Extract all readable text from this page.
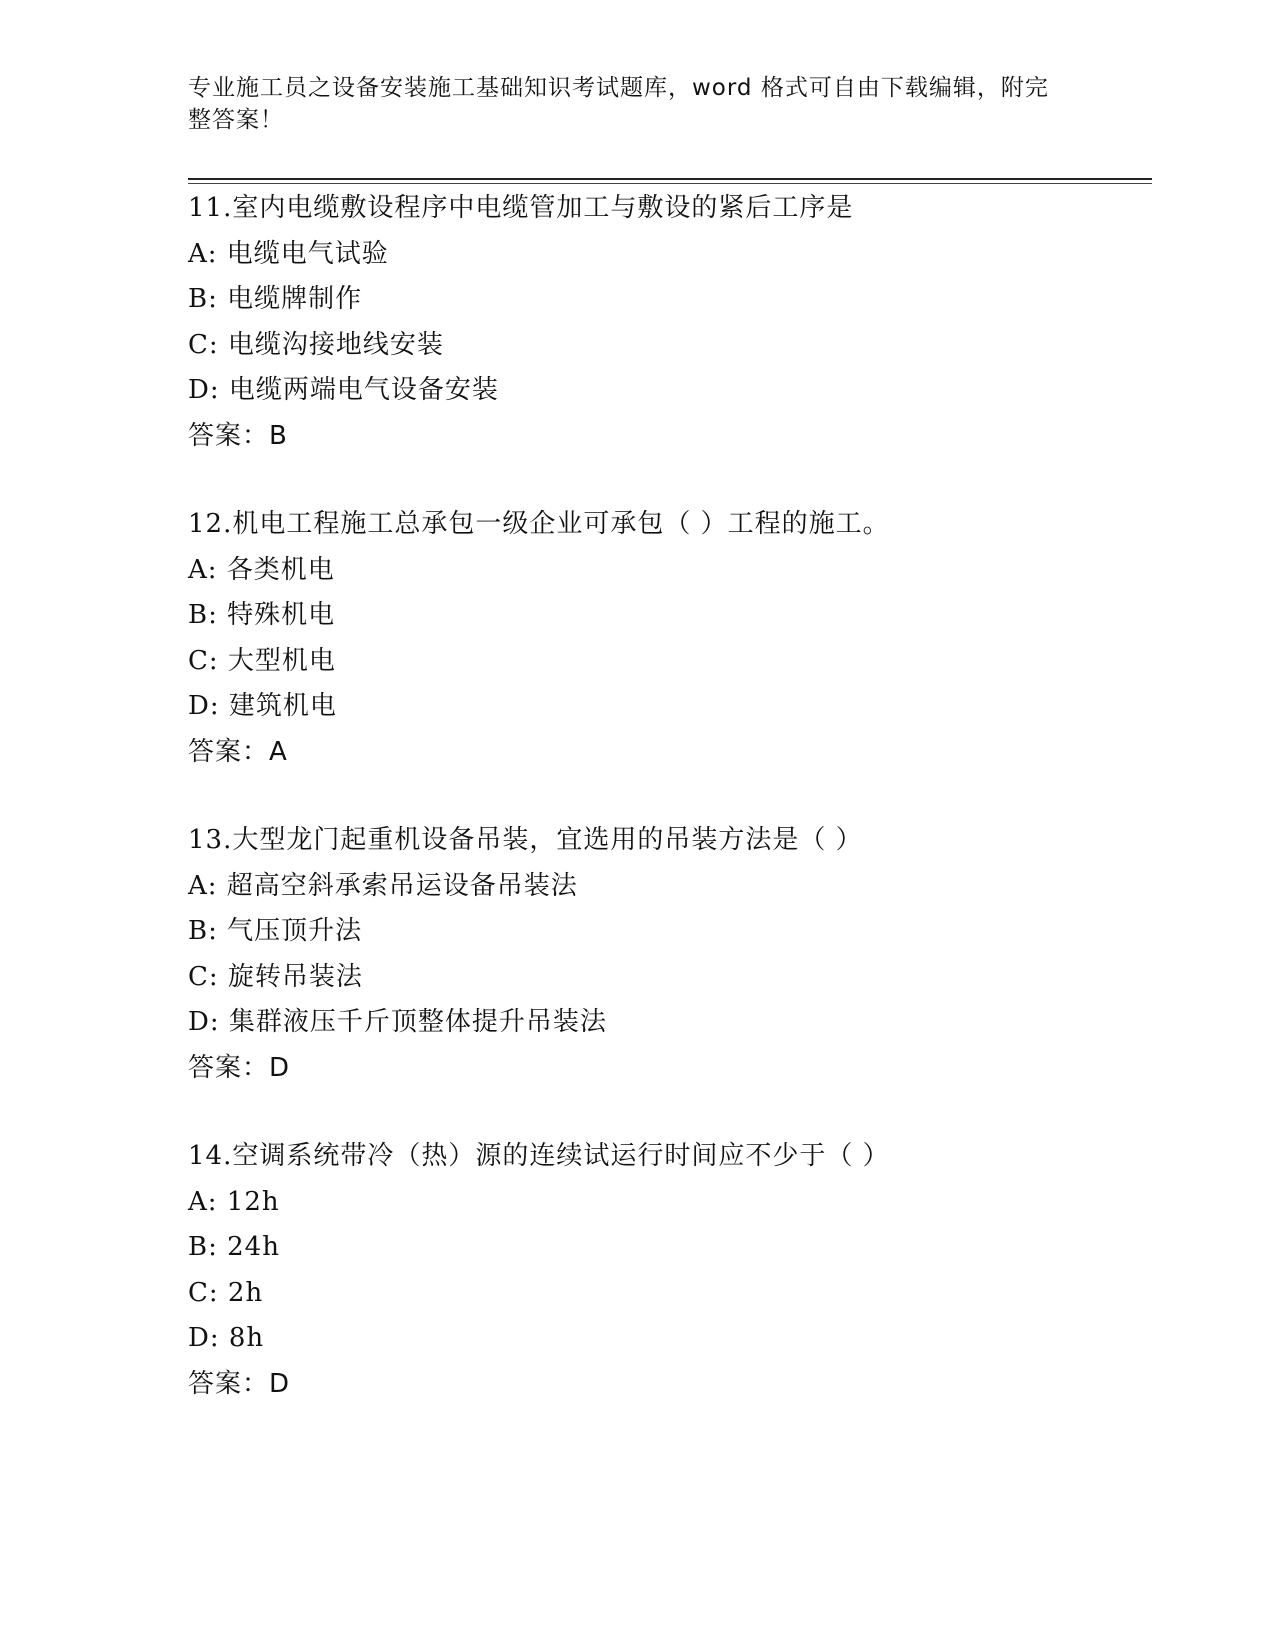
专业施工员之设备安装施工基础知识考试题库，word 格式可自由下载编辑，附完
整答案！
11.室内电缆敷设程序中电缆管加工与敷设的紧后工序是
A: 电缆电气试验
B: 电缆牌制作
C: 电缆沟接地线安装
D: 电缆两端电气设备安装
答案：B
12.机电工程施工总承包一级企业可承包（ ）工程的施工。
A: 各类机电
B: 特殊机电
C: 大型机电
D: 建筑机电
答案：A
13.大型龙门起重机设备吊装，宜选用的吊装方法是（ ）
A: 超高空斜承索吊运设备吊装法
B: 气压顶升法
C: 旋转吊装法
D: 集群液压千斤顶整体提升吊装法
答案：D
14.空调系统带冷（热）源的连续试运行时间应不少于（ ）
A: 12h
B: 24h
C: 2h
D: 8h
答案：D
